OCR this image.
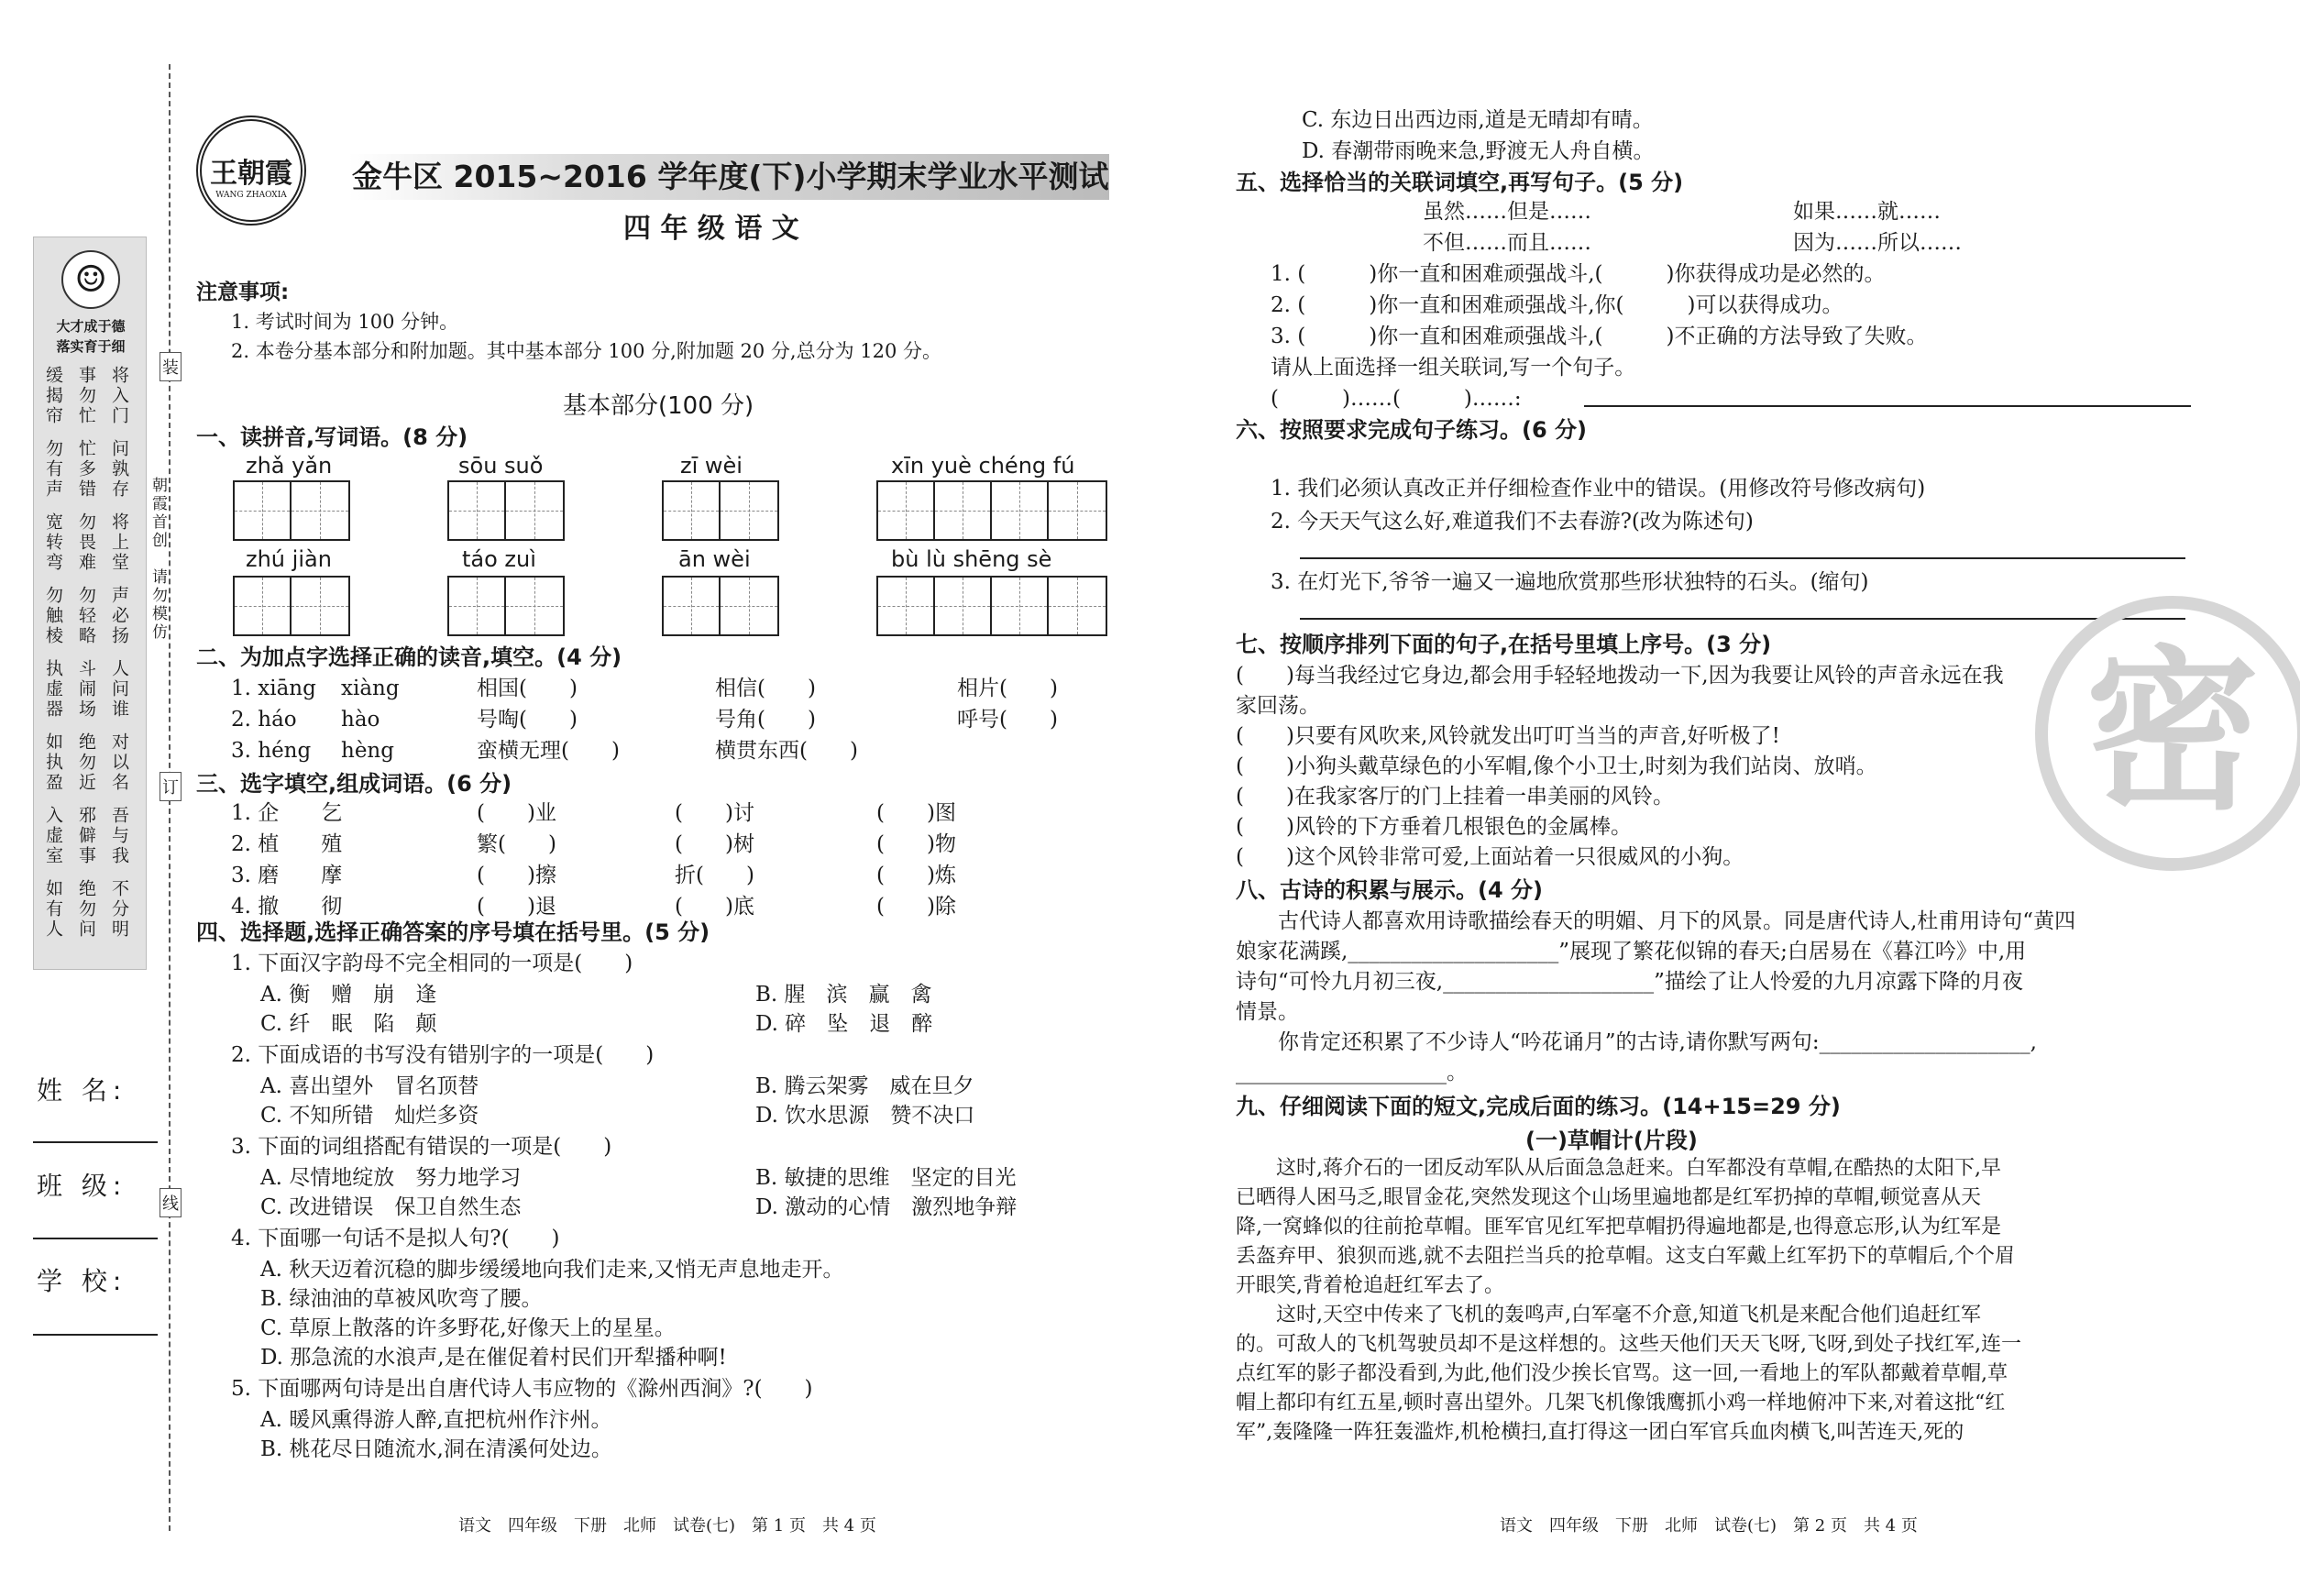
☺
大才成于德
落实育于细
将入门
事勿忙
缓揭帘
问孰存
忙多错
勿有声
将上堂
勿畏难
宽转弯
声必扬
勿轻略
勿触棱
人问谁
斗闹场
执虚器
对以名
绝勿近
如执盈
吾与我
邪僻事
入虚室
不分明
绝勿问
如有人
装
订
线
朝霞首创
请勿模仿
姓 名:
班 级:
学 校:
王朝霞
WANG ZHAOXIA
金牛区 2015~2016 学年度(下)小学期末学业水平测试
四 年 级 语 文
注意事项:
1. 考试时间为 100 分钟。
2. 本卷分基本部分和附加题。其中基本部分 100 分,附加题 20 分,总分为 120 分。
基本部分(100 分)
一、读拼音,写词语。(8 分)
zhǎ yǎn	sōu suǒ	zī wèi	xīn yuè chéng fú
zhú jiàn	táo zuì	ān wèi	bù lù shēng sè
二、为加点字选择正确的读音,填空。(4 分)
三、选字填空,组成词语。(6 分)
四、选择题,选择正确答案的序号填在括号里。(5 分)
语文　四年级　下册　北师　试卷(七)　第 1 页　共 4 页
C. 东边日出西边雨,道是无晴却有晴。
D. 春潮带雨晚来急,野渡无人舟自横。
五、选择恰当的关联词填空,再写句子。(5 分)
虽然……但是……	如果……就……
不但……而且……	因为……所以……
1. (　　　)你一直和困难顽强战斗,(　　　)你获得成功是必然的。
2. (　　　)你一直和困难顽强战斗,你(　　　)可以获得成功。
3. (　　　)你一直和困难顽强战斗,(　　　)不正确的方法导致了失败。
请从上面选择一组关联词,写一个句子。
(　　　)……(　　　)……:
六、按照要求完成句子练习。(6 分)
1. 我们必须认真改正并仔细检查作业中的错误。(用修改符号修改病句)
2. 今天天气这么好,难道我们不去春游?(改为陈述句)
3. 在灯光下,爷爷一遍又一遍地欣赏那些形状独特的石头。(缩句)
七、按顺序排列下面的句子,在括号里填上序号。(3 分)
八、古诗的积累与展示。(4 分)
九、仔细阅读下面的短文,完成后面的练习。(14+15=29 分)
(一)草帽计(片段)
语文　四年级　下册　北师　试卷(七)　第 2 页　共 4 页
密
1. xiāng xiàng	相国(　　)	相信(　　)	相片(　　)
2. háo hào	号啕(　　)	号角(　　)	呼号(　　)
3. héng hèng	蛮横无理(　　)	横贯东西(　　)
1. 企　　乞	(　　)业	(　　)讨	(　　)图
2. 植　　殖	繁(　　)	(　　)树	(　　)物
3. 磨　　摩	(　　)擦	折(　　)	(　　)炼
4. 撤　　彻	(　　)退	(　　)底	(　　)除
1. 下面汉字韵母不完全相同的一项是(　　)
A. 衡　赠　崩　逢	B. 腥　滨　赢　禽
C. 纤　眠　陷　颠	D. 碎　坠　退　醉
2. 下面成语的书写没有错别字的一项是(　　)
A. 喜出望外　冒名顶替	B. 腾云架雾　威在旦夕
C. 不知所错　灿烂多资	D. 饮水思源　赞不决口
3. 下面的词组搭配有错误的一项是(　　)
A. 尽情地绽放　努力地学习	B. 敏捷的思维　坚定的目光
C. 改进错误　保卫自然生态	D. 激动的心情　激烈地争辩
4. 下面哪一句话不是拟人句?(　　)
A. 秋天迈着沉稳的脚步缓缓地向我们走来,又悄无声息地走开。
B. 绿油油的草被风吹弯了腰。
C. 草原上散落的许多野花,好像天上的星星。
D. 那急流的水浪声,是在催促着村民们开犁播种啊!
5. 下面哪两句诗是出自唐代诗人韦应物的《滁州西涧》?(　　)
A. 暖风熏得游人醉,直把杭州作汴州。
B. 桃花尽日随流水,洞在清溪何处边。
(　　)每当我经过它身边,都会用手轻轻地拨动一下,因为我要让风铃的声音永远在我
家回荡。
(　　)只要有风吹来,风铃就发出叮叮当当的声音,好听极了!
(　　)小狗头戴草绿色的小军帽,像个小卫士,时刻为我们站岗、放哨。
(　　)在我家客厅的门上挂着一串美丽的风铃。
(　　)风铃的下方垂着几根银色的金属棒。
(　　)这个风铃非常可爱,上面站着一只很威风的小狗。
　　古代诗人都喜欢用诗歌描绘春天的明媚、月下的风景。同是唐代诗人,杜甫用诗句“黄四
娘家花满蹊,____________________”展现了繁花似锦的春天;白居易在《暮江吟》中,用
诗句“可怜九月初三夜,____________________”描绘了让人怜爱的九月凉露下降的月夜
情景。
　　你肯定还积累了不少诗人“吟花诵月”的古诗,请你默写两句:____________________,
____________________。
　　这时,蒋介石的一团反动军队从后面急急赶来。白军都没有草帽,在酷热的太阳下,早
已晒得人困马乏,眼冒金花,突然发现这个山场里遍地都是红军扔掉的草帽,顿觉喜从天
降,一窝蜂似的往前抢草帽。匪军官见红军把草帽扔得遍地都是,也得意忘形,认为红军是
丢盔弃甲、狼狈而逃,就不去阻拦当兵的抢草帽。这支白军戴上红军扔下的草帽后,个个眉
开眼笑,背着枪追赶红军去了。
　　这时,天空中传来了飞机的轰鸣声,白军毫不介意,知道飞机是来配合他们追赶红军
的。可敌人的飞机驾驶员却不是这样想的。这些天他们天天飞呀,飞呀,到处子找红军,连一
点红军的影子都没看到,为此,他们没少挨长官骂。这一回,一看地上的军队都戴着草帽,草
帽上都印有红五星,顿时喜出望外。几架飞机像饿鹰抓小鸡一样地俯冲下来,对着这批“红
军”,轰隆隆一阵狂轰滥炸,机枪横扫,直打得这一团白军官兵血肉横飞,叫苦连天,死的
